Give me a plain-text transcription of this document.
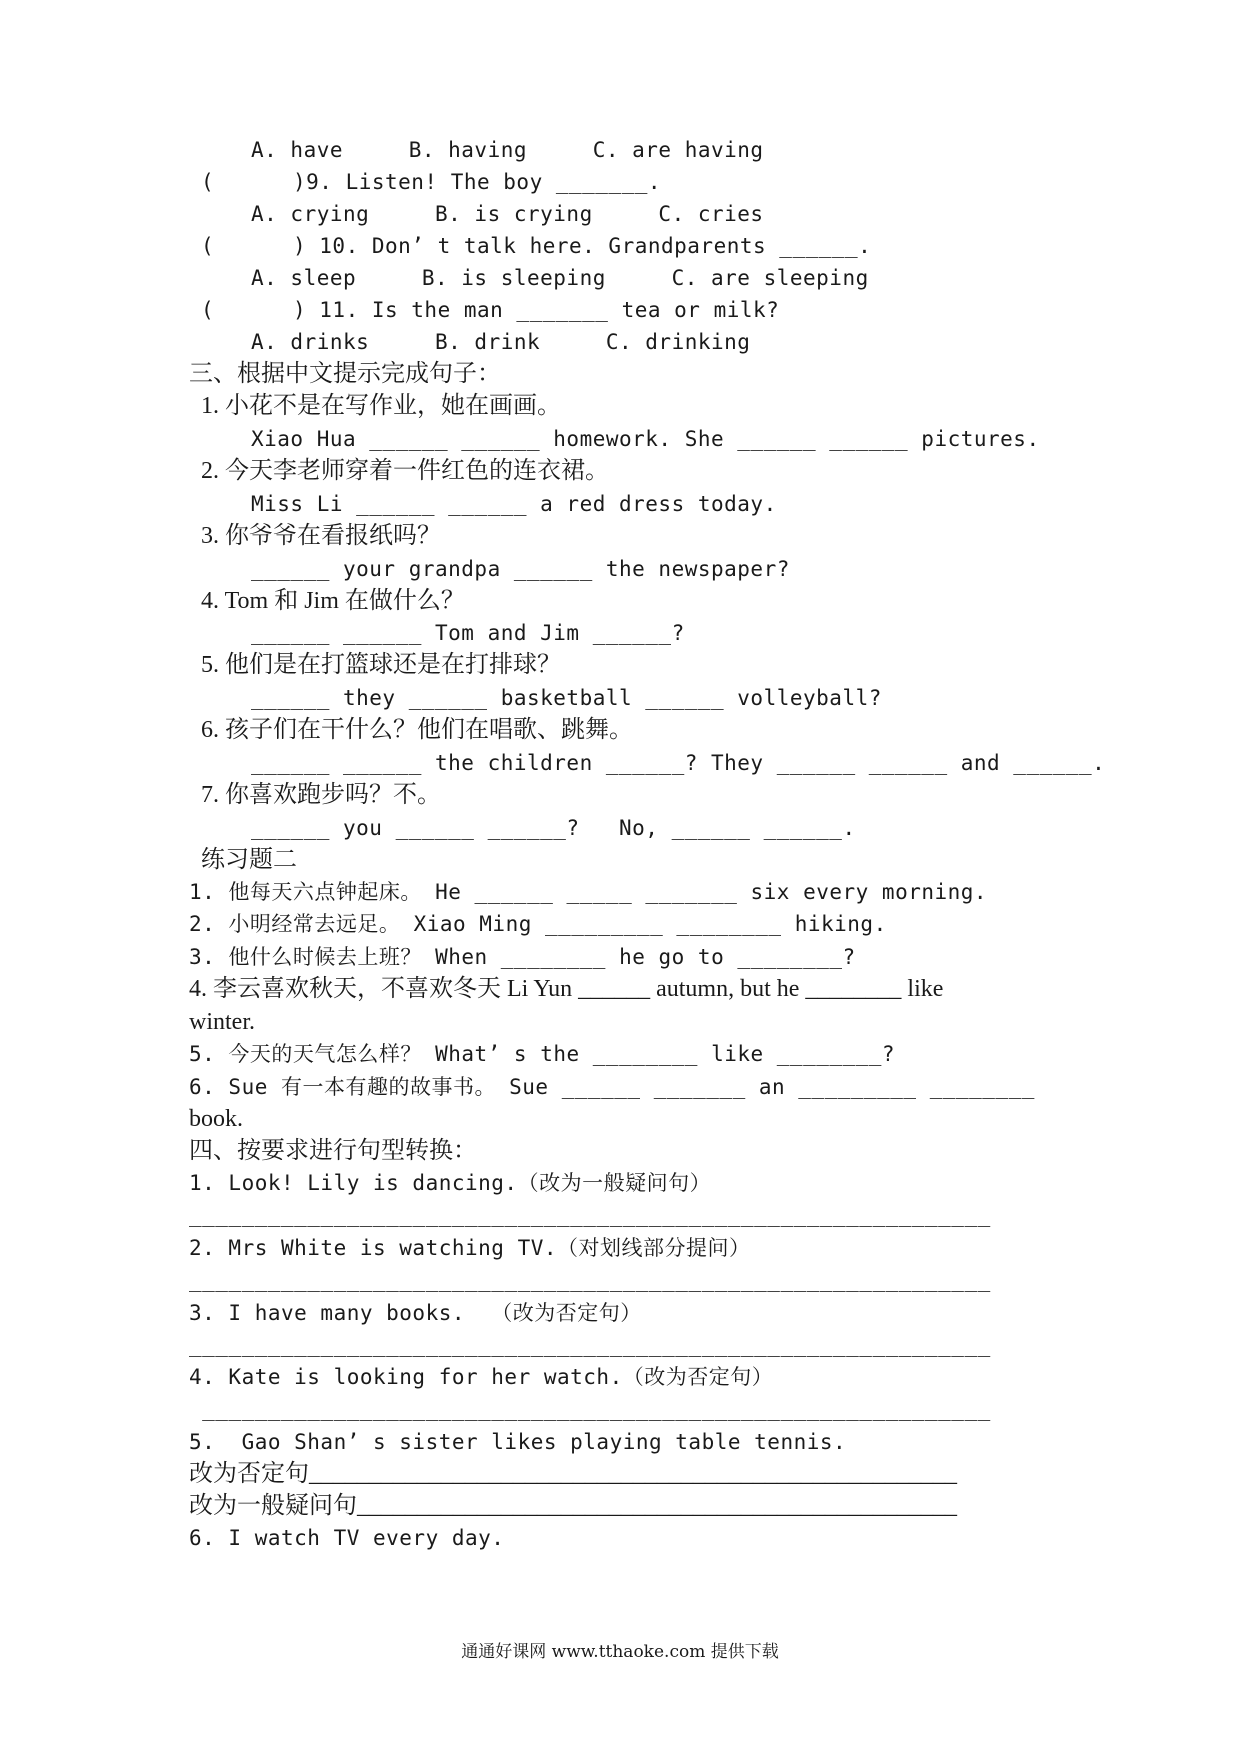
A. have     B. having     C. are having
(      )9. Listen! The boy _______.
A. crying     B. is crying     C. cries
(      ) 10. Don’ t talk here. Grandparents ______.
A. sleep     B. is sleeping     C. are sleeping
(      ) 11. Is the man _______ tea or milk?
A. drinks     B. drink     C. drinking
三、根据中文提示完成句子：
1. 小花不是在写作业，她在画画。
Xiao Hua ______ ______ homework. She ______ ______ pictures.
2. 今天李老师穿着一件红色的连衣裙。
Miss Li ______ ______ a red dress today.
3. 你爷爷在看报纸吗？
______ your grandpa ______ the newspaper?
4. Tom 和 Jim 在做什么？
______ ______ Tom and Jim ______?
5. 他们是在打篮球还是在打排球？
______ they ______ basketball ______ volleyball?
6. 孩子们在干什么？他们在唱歌、跳舞。
______ ______ the children ______? They ______ ______ and ______.
7. 你喜欢跑步吗？不。
______ you ______ ______?   No, ______ ______.
练习题二
1. 他每天六点钟起床。 He ______ _____ _______ six every morning.
2. 小明经常去远足。 Xiao Ming _________ ________ hiking.
3. 他什么时候去上班？ When ________ he go to ________?
4. 李云喜欢秋天，不喜欢冬天 Li Yun ______ autumn, but he ________ like
winter.
5. 今天的天气怎么样？ What’ s the ________ like ________?
6. Sue 有一本有趣的故事书。 Sue ______ _______ an _________ ________
book.
四、按要求进行句型转换：
1. Look! Lily is dancing.（改为一般疑问句）
_____________________________________________________________
2. Mrs White is watching TV.（对划线部分提问）
_____________________________________________________________
3. I have many books.  （改为否定句）
_____________________________________________________________
4. Kate is looking for her watch.（改为否定句）
____________________________________________________________
5.  Gao Shan’ s sister likes playing table tennis.
改为否定句______________________________________________________
改为一般疑问句__________________________________________________
6. I watch TV every day.
通通好课网 www.tthaoke.com 提供下载
